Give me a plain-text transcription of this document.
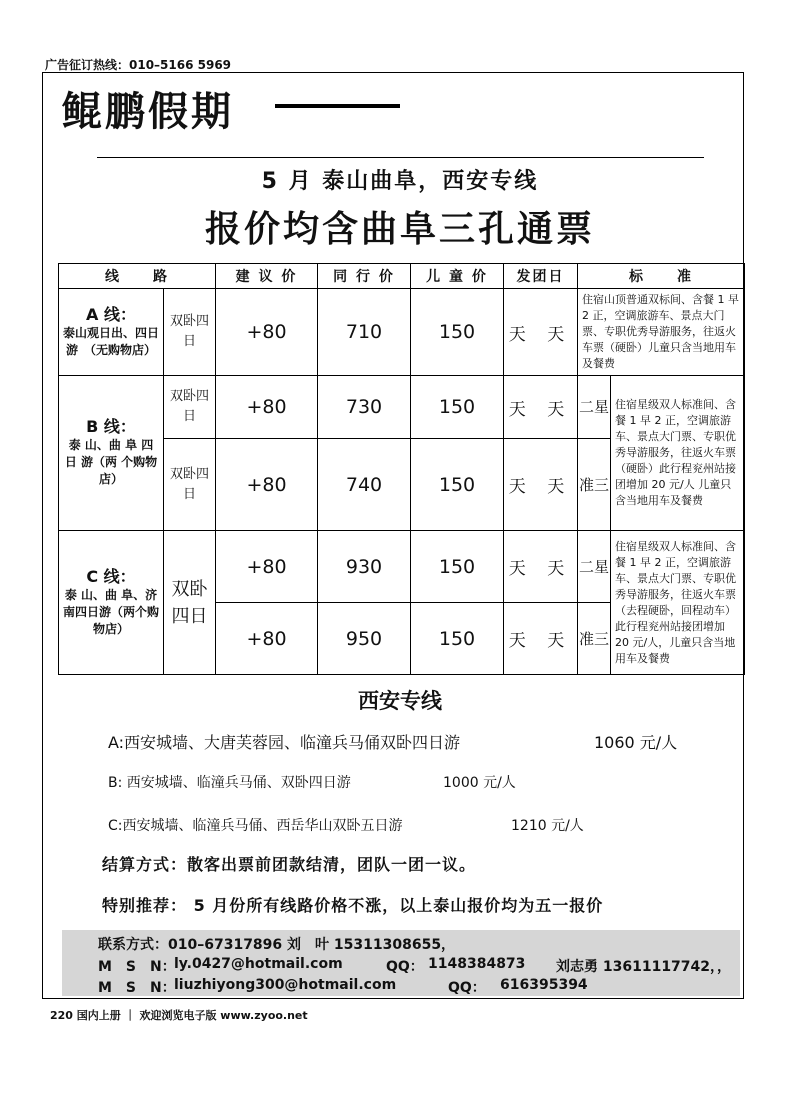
广告征订热线：010–5166 5969
鲲鹏假期
5 月 泰山曲阜，西安专线
报价均含曲阜三孔通票
线　　路		建 议 价	同 行 价	儿 童 价	发团日	标　　准	

A 线：
泰山观日出、四日游　（无购物店）	双卧四日	+80	710	150	天 天	住宿山顶普通双标间、含餐 1 早 2 正，空调旅游车、景点大门票、专职优秀导游服务，往返火车票（硬卧）儿童只含当地用车及餐费	

B 线：
泰 山、曲 阜 四 日 游（两 个购物店）	双卧四日	+80	730	150	天 天	二星	住宿星级双人标准间、含餐 1 早 2 正，空调旅游车、景点大门票、专职优秀导游服务，往返火车票（硬卧）此行程兖州站接团增加 20 元/人 儿童只含当地用车及餐费
	双卧四日	+80	740	150	天 天	准三	

C 线：
泰 山、曲 阜、济 南四日游（两个购物店）	双卧四日	+80	930	150	天 天	二星	住宿星级双人标准间、含餐 1 早 2 正，空调旅游车、景点大门票、专职优秀导游服务，往返火车票（去程硬卧，回程动车）此行程兖州站接团增加 20 元/人，儿童只含当地用车及餐费
		+80	950	150	天 天	准三	
西安专线
A:西安城墙、大唐芙蓉园、临潼兵马俑双卧四日游	1060 元/人
B: 西安城墙、临潼兵马俑、双卧四日游	1000 元/人
C:西安城墙、临潼兵马俑、西岳华山双卧五日游	1210 元/人
结算方式：散客出票前团款结清，团队一团一议。
特别推荐： 5 月份所有线路价格不涨，以上泰山报价均为五一报价
联系方式：010–67317896 刘　叶 15311308655，
M　S　N：
ly.0427@hotmail.com	QQ： 1148384873 刘志勇 13611117742，，
M　S　N：
liuzhiyong300@hotmail.com	QQ： 616395394
220 国内上册 ｜ 欢迎浏览电子版 www.zyoo.net
